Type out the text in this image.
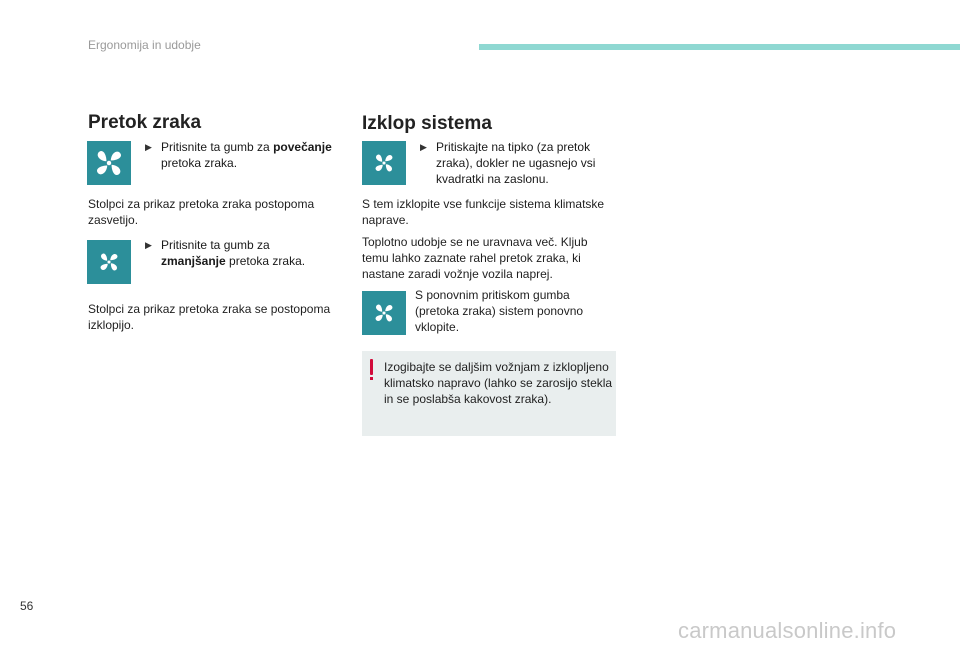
Ergonomija in udobje
Pretok zraka
▶ Pritisnite ta gumb za povečanje
pretoka zraka.
Stolpci za prikaz pretoka zraka postopoma zasvetijo.
▶ Pritisnite ta gumb za
zmanjšanje pretoka zraka.
Stolpci za prikaz pretoka zraka se postopoma izklopijo.
Izklop sistema
▶ Pritiskajte na tipko (za pretok zraka), dokler ne ugasnejo vsi kvadratki na zaslonu.
S tem izklopite vse funkcije sistema klimatske naprave.
Toplotno udobje se ne uravnava več. Kljub temu lahko zaznate rahel pretok zraka, ki nastane zaradi vožnje vozila naprej.
S ponovnim pritiskom gumba (pretoka zraka) sistem ponovno vklopite.
Izogibajte se daljšim vožnjam z izklopljeno klimatsko napravo (lahko se zarosijo stekla in se poslabša kakovost zraka).
56
carmanualsonline.info
